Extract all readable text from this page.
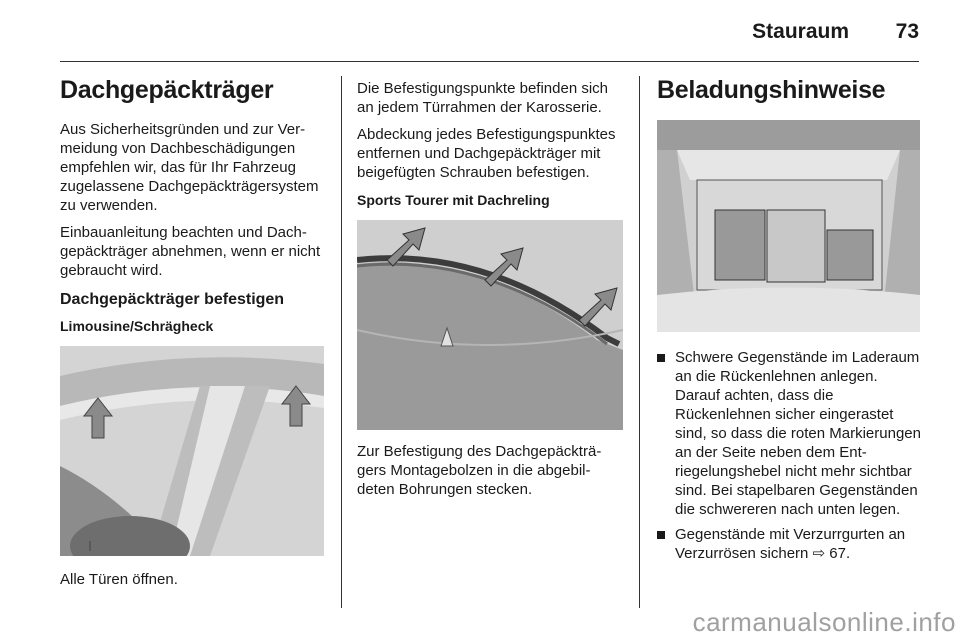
Stauraum 73
Dachgepäckträger

Aus Sicherheitsgründen und zur Vermeidung von Dachbeschädigungen empfehlen wir, das für Ihr Fahrzeug zugelassene Dachgepäckträgersystem zu verwenden.

Einbauanleitung beachten und Dachgepäckträger abnehmen, wenn er nicht gebraucht wird.

Dachgepäckträger befestigen
Limousine/Schrägheck

Alle Türen öffnen.

Die Befestigungspunkte befinden sich an jedem Türrahmen der Karosserie.

Abdeckung jedes Befestigungspunktes entfernen und Dachgepäckträger mit beigefügten Schrauben befestigen.

Sports Tourer mit Dachreling

Zur Befestigung des Dachgepäckträgers Montagebolzen in die abgebildeten Bohrungen stecken.

Beladungshinweise
Schwere Gegenstände im Laderaum an die Rückenlehnen anlegen. Darauf achten, dass die Rückenlehnen sicher eingerastet sind, so dass die roten Markierungen an der Seite neben dem Entriegelungshebel nicht mehr sichtbar sind. Bei stapelbaren Gegenständen die schwereren nach unten legen.
Gegenstände mit Verzurrgurten an Verzurrösen sichern ⇨ 67.
carmanualsonline.info
